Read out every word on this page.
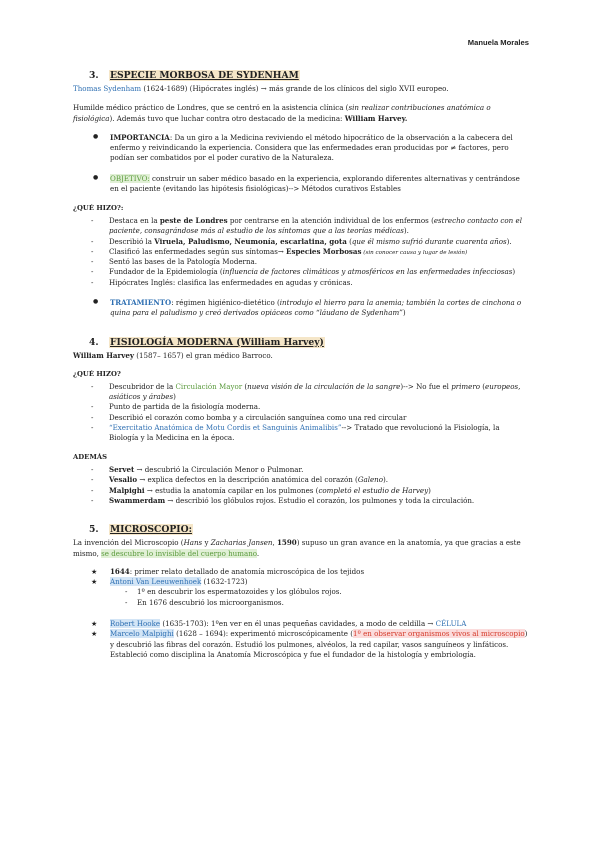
Manuela Morales
3. ESPECIE MORBOSA DE SYDENHAM

Thomas Sydenham (1624-1689) (Hipócrates inglés) → más grande de los clínicos del siglo XVII europeo.

Humilde médico práctico de Londres, que se centró en la asistencia clínica (sin realizar contribuciones anatómica o fisiológica). Además tuvo que luchar contra otro destacado de la medicina: William Harvey.

● IMPORTANCIA: Da un giro a la Medicina reviviendo el método hipocrático de la observación a la cabecera del enfermo y reivindicando la experiencia. Considera que las enfermedades eran producidas por ≠ factores, pero podían ser combatidos por el poder curativo de la Naturaleza.
● OBJETIVO: construir un saber médico basado en la experiencia, explorando diferentes alternativas y centrándose en el paciente (evitando las hipótesis fisiológicas)--> Métodos curativos Estables
¿QUÉ HIZO?:
- Destaca en la peste de Londres por centrarse en la atención individual de los enfermos (estrecho contacto con el paciente, consagrándose más al estudio de los síntomas que a las teorías médicas).
- Describió la Viruela, Paludismo, Neumonía, escarlatina, gota (que él mismo sufrió durante cuarenta años).
- Clasificó las enfermedades según sus síntomas→ Especies Morbosas (sin conocer causa y lugar de lesión)
- Sentó las bases de la Patología Moderna.
- Fundador de la Epidemiología (influencia de factores climáticos y atmosféricos en las enfermedades infecciosas)
- Hipócrates Inglés: clasifica las enfermedades en agudas y crónicas.
● TRATAMIENTO: régimen higiénico-dietético (introdujo el hierro para la anemia; también la cortes de cinchona o quina para el paludismo y creó derivados opiáceos como “láudano de Sydenham”)
4. FISIOLOGÍA MODERNA (William Harvey)

William Harvey (1587– 1657) el gran médico Barroco.

¿QUÉ HIZO?
- Descubridor de la Circulación Mayor (nueva visión de la circulación de la sangre)--> No fue el primero (europeos, asiáticos y árabes)
- Punto de partida de la fisiología moderna.
- Describió el corazón como bomba y a circulación sanguínea como una red circular
- “Exercitatio Anatómica de Motu Cordis et Sanguinis Animalibis”--> Tratado que revolucionó la Fisiología, la Biología y la Medicina en la época.
ADEMÁS
- Servet → descubrió la Circulación Menor o Pulmonar.
- Vesalio → explica defectos en la descripción anatómica del corazón (Galeno).
- Malpighi → estudia la anatomía capilar en los pulmones (completó el estudio de Harvey)
- Swammerdam → describió los glóbulos rojos. Estudio el corazón, los pulmones y toda la circulación.
5. MICROSCOPIO:

La invención del Microscopio (Hans y Zacharias Jansen, 1590) supuso un gran avance en la anatomía, ya que gracias a este mismo, se descubre lo invisible del cuerpo humano.

★ 1644: primer relato detallado de anatomía microscópica de los tejidos
★ Antoni Van Leeuwenhoek (1632-1723)
- 1º en descubrir los espermatozoides y los glóbulos rojos.
- En 1676 descubrió los microorganismos.
★ Robert Hooke (1635-1703): 1ºen ver en él unas pequeñas cavidades, a modo de celdilla → CÉLULA
★ Marcelo Malpighi (1628 – 1694): experimentó microscópicamente (1º en observar organismos vivos al microscopio) y descubrió las fibras del corazón. Estudió los pulmones, alvéolos, la red capilar, vasos sanguíneos y linfáticos. Estableció como disciplina la Anatomía Microscópica y fue el fundador de la histología y embriología.
